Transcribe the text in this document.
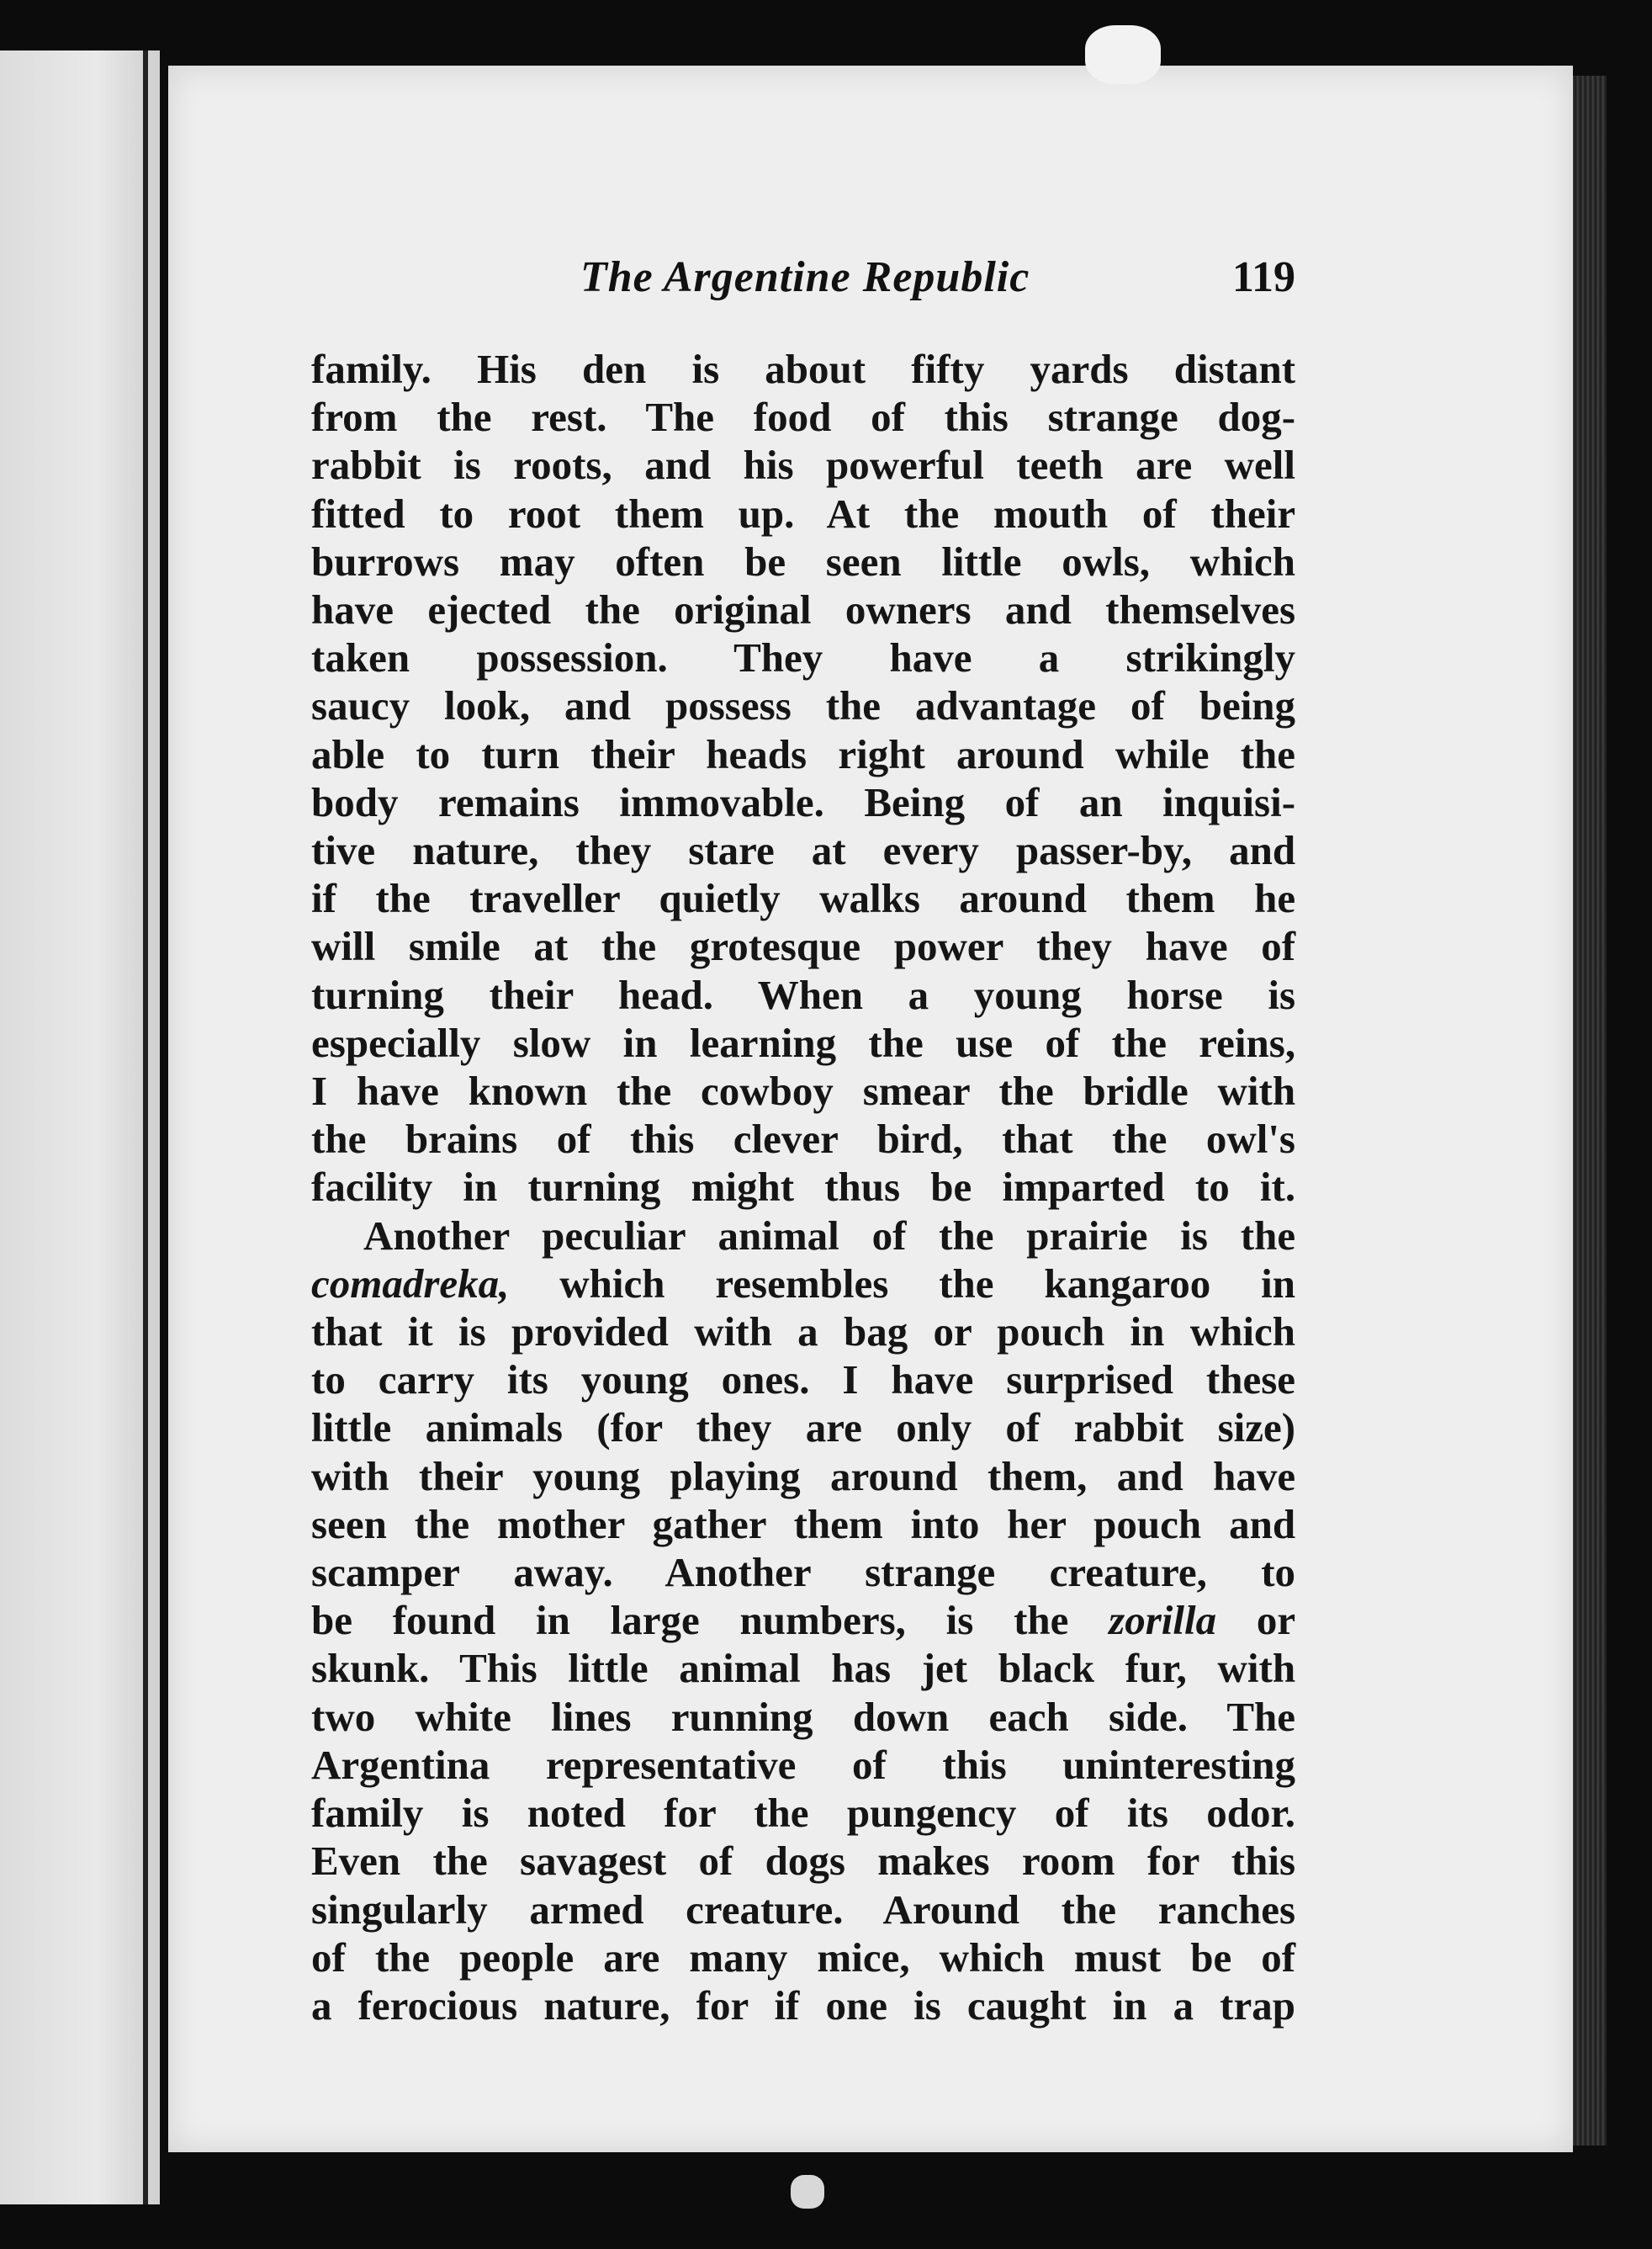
The Argentine Republic	119
family. His den is about fifty yards distant
from the rest. The food of this strange dog-
rabbit is roots, and his powerful teeth are well
fitted to root them up. At the mouth of their
burrows may often be seen little owls, which
have ejected the original owners and themselves
taken possession. They have a strikingly
saucy look, and possess the advantage of being
able to turn their heads right around while the
body remains immovable. Being of an inquisi-
tive nature, they stare at every passer-by, and
if the traveller quietly walks around them he
will smile at the grotesque power they have of
turning their head. When a young horse is
especially slow in learning the use of the reins,
I have known the cowboy smear the bridle with
the brains of this clever bird, that the owl's
facility in turning might thus be imparted to it.
Another peculiar animal of the prairie is the
comadreka, which resembles the kangaroo in
that it is provided with a bag or pouch in which
to carry its young ones. I have surprised these
little animals (for they are only of rabbit size)
with their young playing around them, and have
seen the mother gather them into her pouch and
scamper away. Another strange creature, to
be found in large numbers, is the zorilla or
skunk. This little animal has jet black fur, with
two white lines running down each side. The
Argentina representative of this uninteresting
family is noted for the pungency of its odor.
Even the savagest of dogs makes room for this
singularly armed creature. Around the ranches
of the people are many mice, which must be of
a ferocious nature, for if one is caught in a trap
